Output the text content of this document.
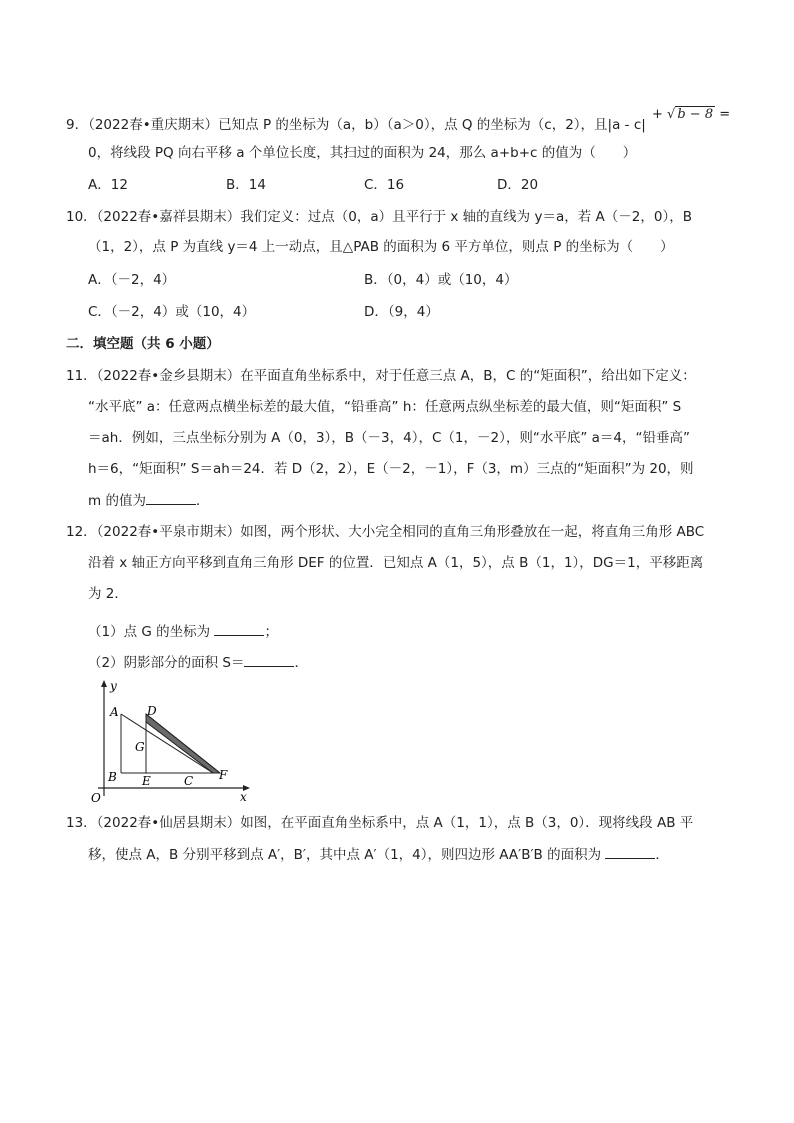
9．（2022春•重庆期末）已知点 P 的坐标为（a，b）（a＞0），点 Q 的坐标为（c，2），且|a - c|
+ √ b − 8 =
0，将线段 PQ 向右平移 a 个单位长度，其扫过的面积为 24，那么 a+b+c 的值为（　　）
A．12	B．14	C．16	D．20
10．（2022春•嘉祥县期末）我们定义：过点（0，a）且平行于 x 轴的直线为 y＝a，若 A（－2，0），B
（1，2），点 P 为直线 y＝4 上一动点，且△PAB 的面积为 6 平方单位，则点 P 的坐标为（　　）
A．（－2，4）	B．（0，4）或（10，4）
C．（－2，4）或（10，4）	D．（9，4）
二．填空题（共 6 小题）
11．（2022春•金乡县期末）在平面直角坐标系中，对于任意三点 A，B，C 的“矩面积”，给出如下定义：
“水平底” a：任意两点横坐标差的最大值，“铅垂高” h：任意两点纵坐标差的最大值，则“矩面积” S
＝ah．例如，三点坐标分别为 A（0，3），B（－3，4），C（1，－2），则“水平底” a＝4，“铅垂高”
h＝6，“矩面积” S＝ah＝24．若 D（2，2），E（－2，－1），F（3，m）三点的“矩面积”为 20，则
m 的值为	．
12．（2022春•平泉市期末）如图，两个形状、大小完全相同的直角三角形叠放在一起，将直角三角形 ABC
沿着 x 轴正方向平移到直角三角形 DEF 的位置．已知点 A（1，5），点 B（1，1），DG＝1，平移距离
为 2．
（1）点 G 的坐标为	；
（2）阴影部分的面积 S＝	．
y
x
O
A D
G
B E	C F
13．（2022春•仙居县期末）如图，在平面直角坐标系中，点 A（1，1），点 B（3，0）．现将线段 AB 平
移，使点 A，B 分别平移到点 A′，B′，其中点 A′（1，4），则四边形 AA′B′B 的面积为	．
